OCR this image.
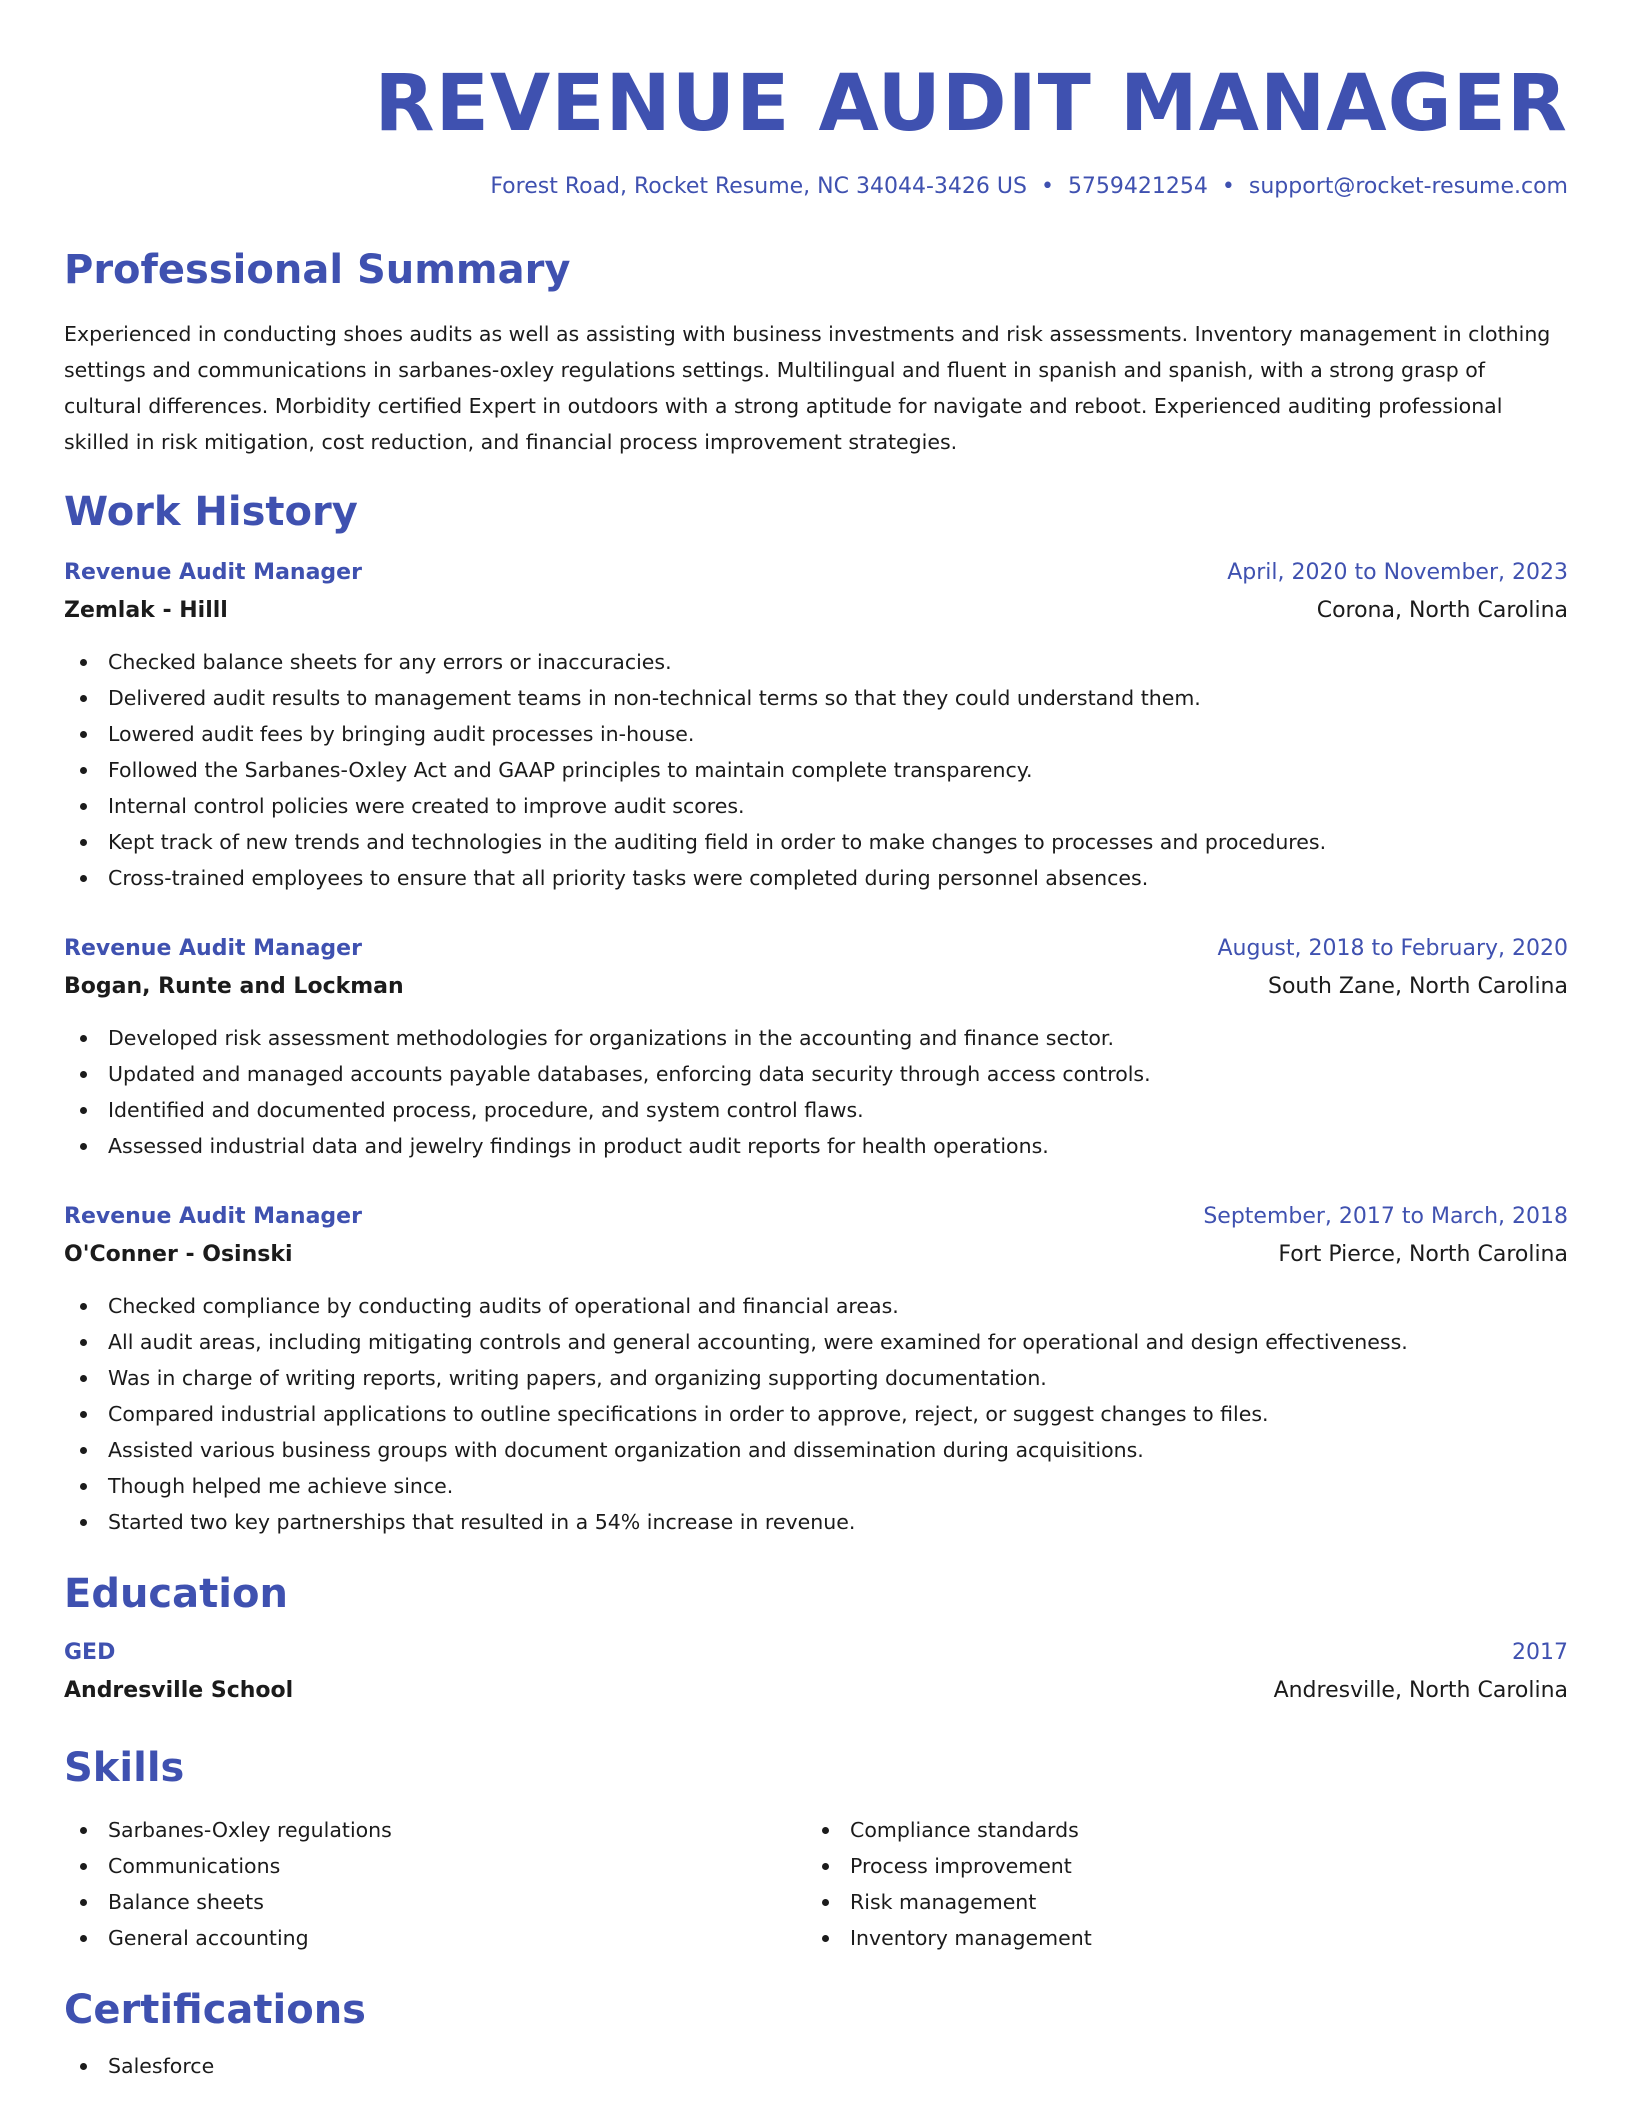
REVENUE AUDIT MANAGER
Forest Road, Rocket Resume, NC 34044-3426 US • 5759421254 • support@rocket-resume.com
Professional Summary

Experienced in conducting shoes audits as well as assisting with business investments and risk assessments. Inventory management in clothing settings and communications in sarbanes-oxley regulations settings. Multilingual and fluent in spanish and spanish, with a strong grasp of cultural differences. Morbidity certified Expert in outdoors with a strong aptitude for navigate and reboot. Experienced auditing professional skilled in risk mitigation, cost reduction, and financial process improvement strategies.

Work History
Revenue Audit Manager	April, 2020 to November, 2023
Zemlak - Hilll	Corona, North Carolina
Checked balance sheets for any errors or inaccuracies.
Delivered audit results to management teams in non-technical terms so that they could understand them.
Lowered audit fees by bringing audit processes in-house.
Followed the Sarbanes-Oxley Act and GAAP principles to maintain complete transparency.
Internal control policies were created to improve audit scores.
Kept track of new trends and technologies in the auditing field in order to make changes to processes and procedures.
Cross-trained employees to ensure that all priority tasks were completed during personnel absences.
Revenue Audit Manager	August, 2018 to February, 2020
Bogan, Runte and Lockman	South Zane, North Carolina
Developed risk assessment methodologies for organizations in the accounting and finance sector.
Updated and managed accounts payable databases, enforcing data security through access controls.
Identified and documented process, procedure, and system control flaws.
Assessed industrial data and jewelry findings in product audit reports for health operations.
Revenue Audit Manager	September, 2017 to March, 2018
O'Conner - Osinski	Fort Pierce, North Carolina
Checked compliance by conducting audits of operational and financial areas.
All audit areas, including mitigating controls and general accounting, were examined for operational and design effectiveness.
Was in charge of writing reports, writing papers, and organizing supporting documentation.
Compared industrial applications to outline specifications in order to approve, reject, or suggest changes to files.
Assisted various business groups with document organization and dissemination during acquisitions.
Though helped me achieve since.
Started two key partnerships that resulted in a 54% increase in revenue.
Education
GED	2017
Andresville School	Andresville, North Carolina
Skills
Sarbanes-Oxley regulations
Communications
Balance sheets
General accounting
Compliance standards
Process improvement
Risk management
Inventory management
Certifications
Salesforce
